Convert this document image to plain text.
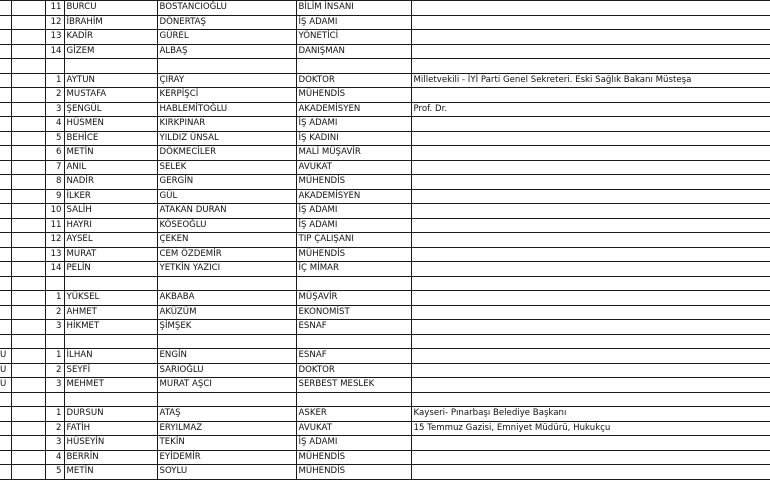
		11	BURCU	BOSTANCIOĞLU	BİLİM İNSANI	
		12	İBRAHİM	DÖNERTAŞ	İŞ ADAMI	
		13	KADİR	GÜREL	YÖNETİCİ	
		14	GİZEM	ALBAŞ	DANIŞMAN	

		1	AYTUN	ÇIRAY	DOKTOR	Milletvekili - İYİ Parti Genel Sekreteri. Eski Sağlık Bakanı Müsteşa
		2	MUSTAFA	KERPİŞCİ	MÜHENDİS	
		3	ŞENGÜL	HABLEMİTOĞLU	AKADEMİSYEN	Prof. Dr.
		4	HÜSMEN	KIRKPINAR	İŞ ADAMI	
		5	BEHİCE	YILDIZ ÜNSAL	İŞ KADINI	
		6	METİN	DÖKMECİLER	MALİ MÜŞAVİR	
		7	ANIL	SELEK	AVUKAT	
		8	NADİR	GERGİN	MÜHENDİS	
		9	İLKER	GÜL	AKADEMİSYEN	
		10	SALİH	ATAKAN DURAN	İŞ ADAMI	
		11	HAYRI	KÖSEOĞLU	İŞ ADAMI	
		12	AYSEL	ÇEKEN	TIP ÇALIŞANI	
		13	MURAT	CEM ÖZDEMİR	MÜHENDİS	
		14	PELİN	YETKİN YAZICI	İÇ MİMAR	

		1	YÜKSEL	AKBABA	MÜŞAVİR	
		2	AHMET	AKÜZÜM	EKONOMİST	
		3	HİKMET	ŞİMŞEK	ESNAF	

U		1	İLHAN	ENGİN	ESNAF	
U		2	SEYFİ	SARIOĞLU	DOKTOR	
U		3	MEHMET	MURAT AŞCI	SERBEST MESLEK	

		1	DURSUN	ATAŞ	ASKER	Kayseri- Pınarbaşı Belediye Başkanı
		2	FATİH	ERYILMAZ	AVUKAT	15 Temmuz Gazisi, Emniyet Müdürü, Hukukçu
		3	HÜSEYİN	TEKİN	İŞ ADAMI	
		4	BERRİN	EYİDEMİR	MÜHENDİS	
		5	METİN	SOYLU	MÜHENDİS	
